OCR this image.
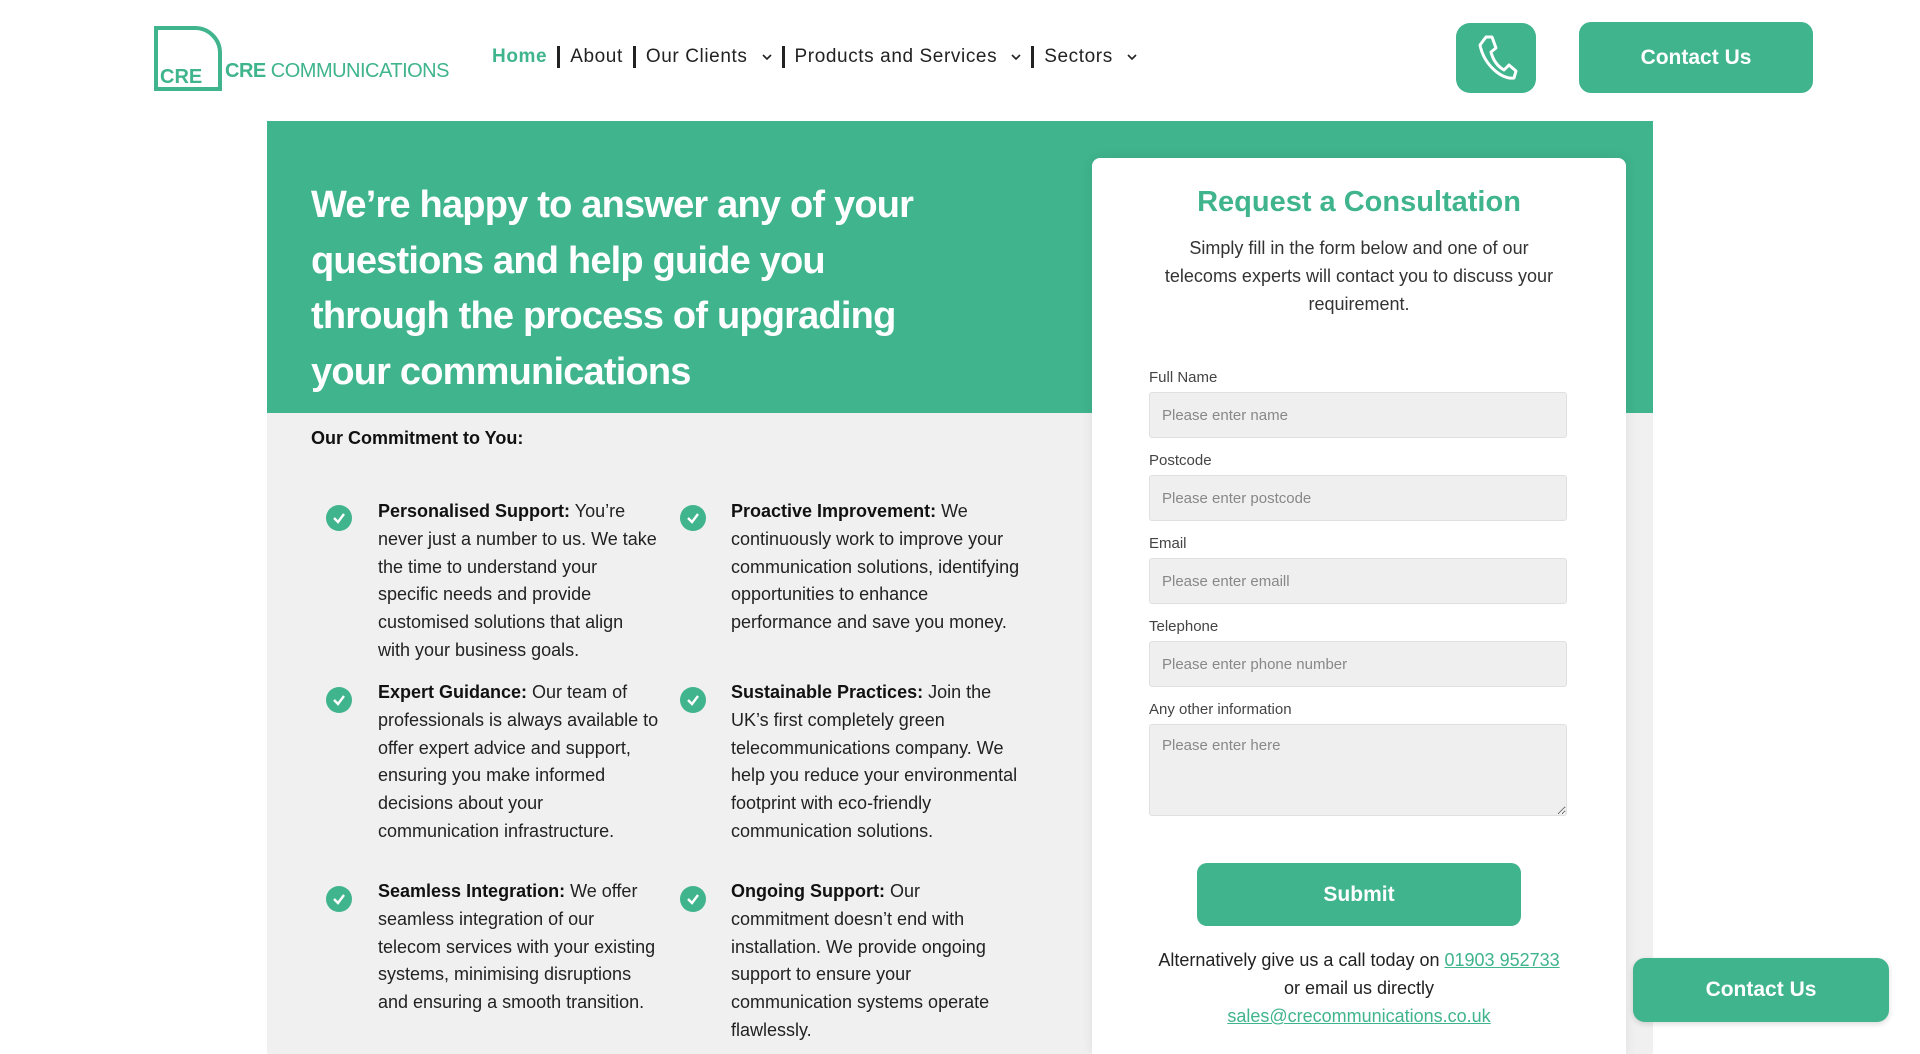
CRE CRE COMMUNICATIONS
Home About Our Clients Products and Services Sectors	Contact Us
We’re happy to answer any of your questions and help guide you through the process of upgrading your communications
Our Commitment to You:
Personalised Support: You’re never just a number to us. We take the time to understand your specific needs and provide customised solutions that align with your business goals.
Proactive Improvement: We continuously work to improve your communication solutions, identifying opportunities to enhance performance and save you money.
Expert Guidance: Our team of professionals is always available to offer expert advice and support, ensuring you make informed decisions about your communication infrastructure.
Sustainable Practices: Join the UK’s first completely green telecommunications company. We help you reduce your environmental footprint with eco-friendly communication solutions.
Seamless Integration: We offer seamless integration of our telecom services with your existing systems, minimising disruptions and ensuring a smooth transition.
Ongoing Support: Our commitment doesn’t end with installation. We provide ongoing support to ensure your communication systems operate flawlessly.
Request a Consultation
Simply fill in the form below and one of our telecoms experts will contact you to discuss your requirement.
Full Name
Please enter name
Postcode
Please enter postcode
Email
Please enter emaill
Telephone
Please enter phone number
Any other information
Please enter here
Submit
Alternatively give us a call today on 01903 952733 or email us directly sales@crecommunications.co.uk
Contact Us
